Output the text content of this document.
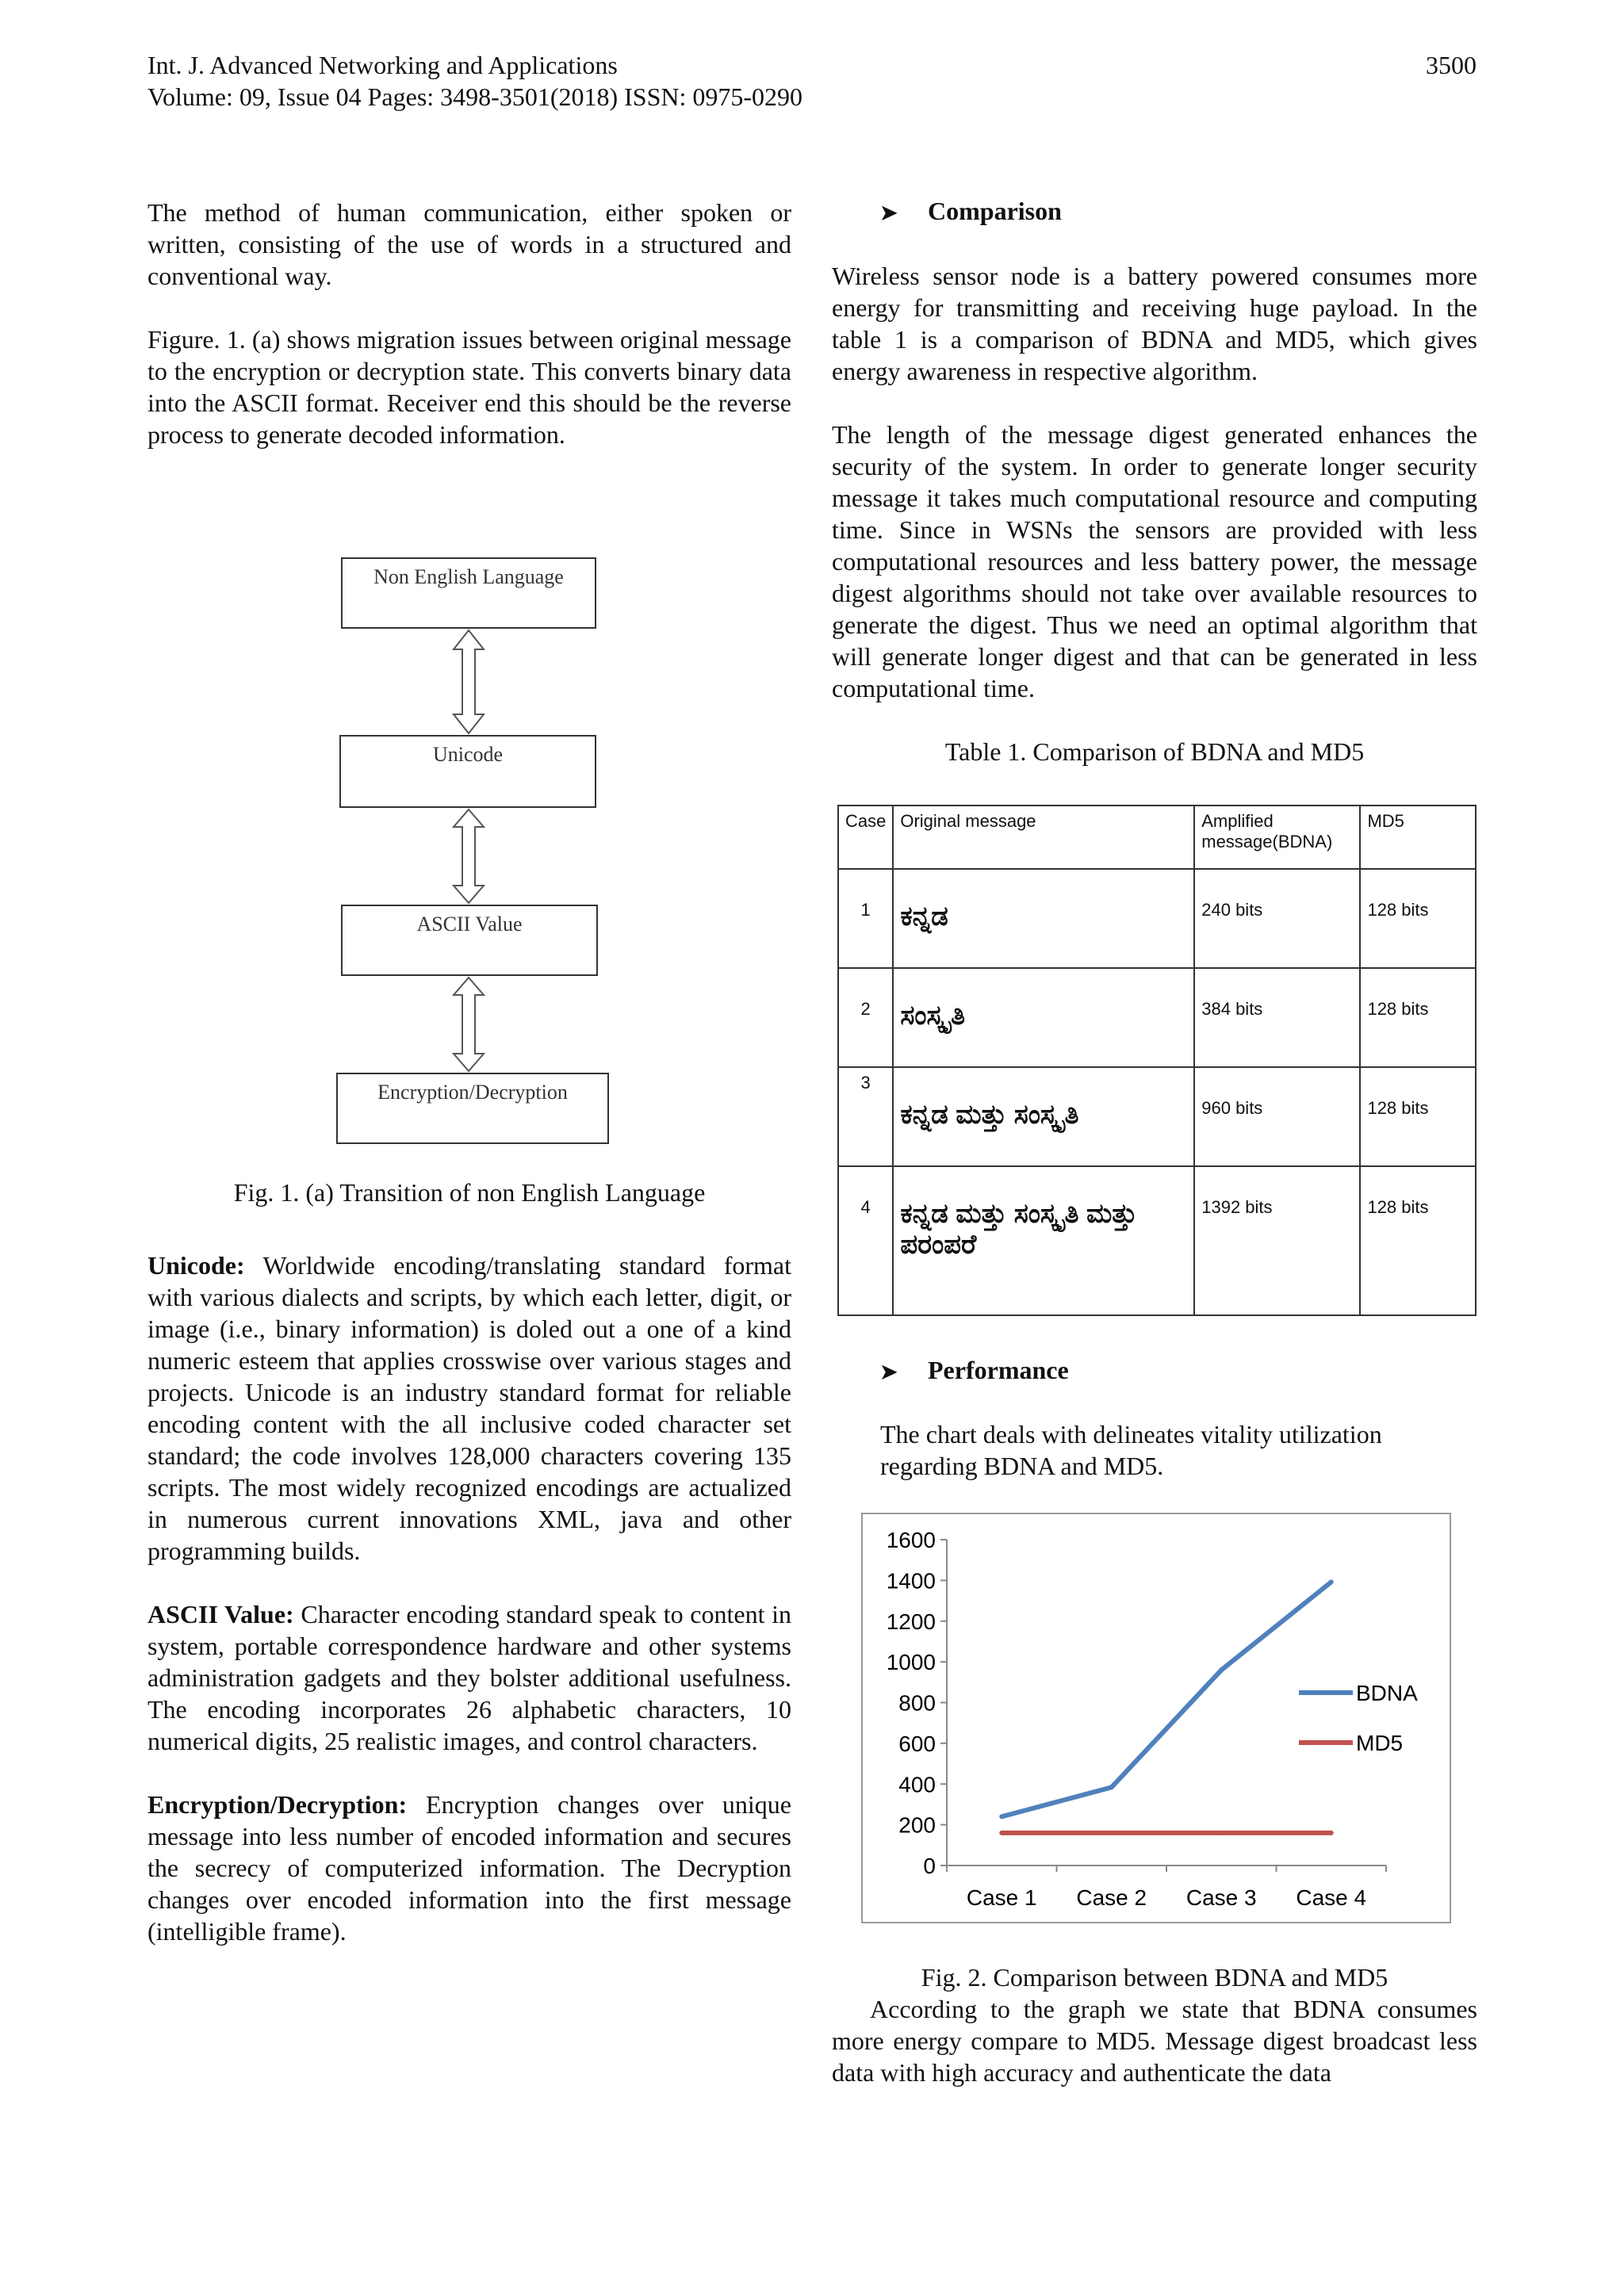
Int. J. Advanced Networking and Applications	3500
Volume: 09, Issue 04 Pages: 3498-3501(2018) ISSN: 0975-0290

The method of human communication, either spoken or written, consisting of the use of words in a structured and conventional way.

Figure. 1. (a) shows migration issues between original message to the encryption or decryption state. This converts binary data into the ASCII format. Receiver end this should be the reverse process to generate decoded information.

Non English Language
Unicode
ASCII Value
Encryption/Decryption
Fig. 1. (a) Transition of non English Language

Unicode: Worldwide encoding/translating standard format with various dialects and scripts, by which each letter, digit, or image (i.e., binary information) is doled out a one of a kind numeric esteem that applies crosswise over various stages and projects. Unicode is an industry standard format for reliable encoding content with the all inclusive coded character set standard; the code involves 128,000 characters covering 135 scripts. The most widely recognized encodings are actualized in numerous current innovations XML, java and other programming builds.

ASCII Value: Character encoding standard speak to content in system, portable correspondence hardware and other systems administration gadgets and they bolster additional usefulness. The encoding incorporates 26 alphabetic characters, 10 numerical digits, 25 realistic images, and control characters.

Encryption/Decryption: Encryption changes over unique message into less number of encoded information and secures the secrecy of computerized information. The Decryption changes over encoded information into the first message (intelligible frame).

➤ Comparison

Wireless sensor node is a battery powered consumes more energy for transmitting and receiving huge payload. In the table 1 is a comparison of BDNA and MD5, which gives energy awareness in respective algorithm.

The length of the message digest generated enhances the security of the system. In order to generate longer security message it takes much computational resource and computing time. Since in WSNs the sensors are provided with less computational resources and less battery power, the message digest algorithms should not take over available resources to generate the digest. Thus we need an optimal algorithm that will generate longer digest and that can be generated in less computational time.

Table 1. Comparison of BDNA and MD5
Case	Original message	Amplified message(BDNA)	MD5
1	ಕನ್ನಡ	240 bits	128 bits
2	ಸಂಸ್ಕೃತಿ	384 bits	128 bits
3	ಕನ್ನಡ ಮತ್ತು ಸಂಸ್ಕೃತಿ	960 bits	128 bits
4	ಕನ್ನಡ ಮತ್ತು ಸಂಸ್ಕೃತಿ ಮತ್ತು ಪರಂಪರೆ	1392 bits	128 bits
➤ Performance
The chart deals with delineates vitality utilization regarding BDNA and MD5.
0
200
400
600
800
1000
1200
1400
1600
Case 1 Case 2 Case 3 Case 4
BDNA
MD5
Fig. 2. Comparison between BDNA and MD5
According to the graph we state that BDNA consumes more energy compare to MD5. Message digest broadcast less data with high accuracy and authenticate the data
